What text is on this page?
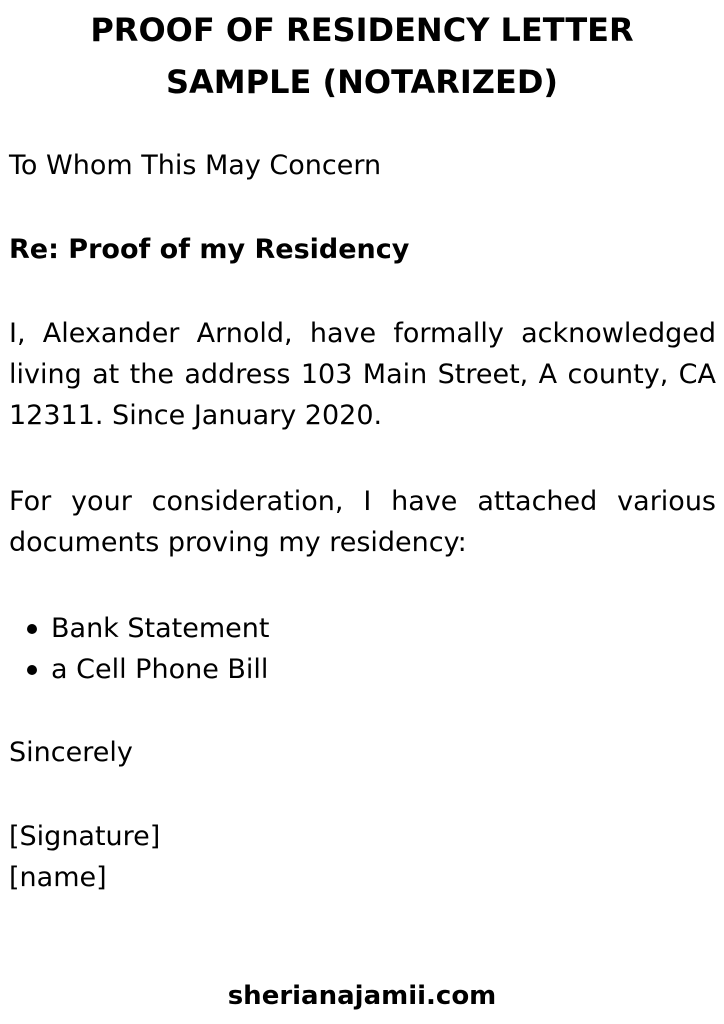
PROOF OF RESIDENCY LETTER
SAMPLE (NOTARIZED)

To Whom This May Concern

Re: Proof of my Residency

I, Alexander Arnold, have formally acknowledged living at the address 103 Main Street, A county, CA 12311. Since January 2020.

For your consideration, I have attached various documents proving my residency:

Bank Statement
a Cell Phone Bill

Sincerely

[Signature]

[name]

sherianajamii.com
